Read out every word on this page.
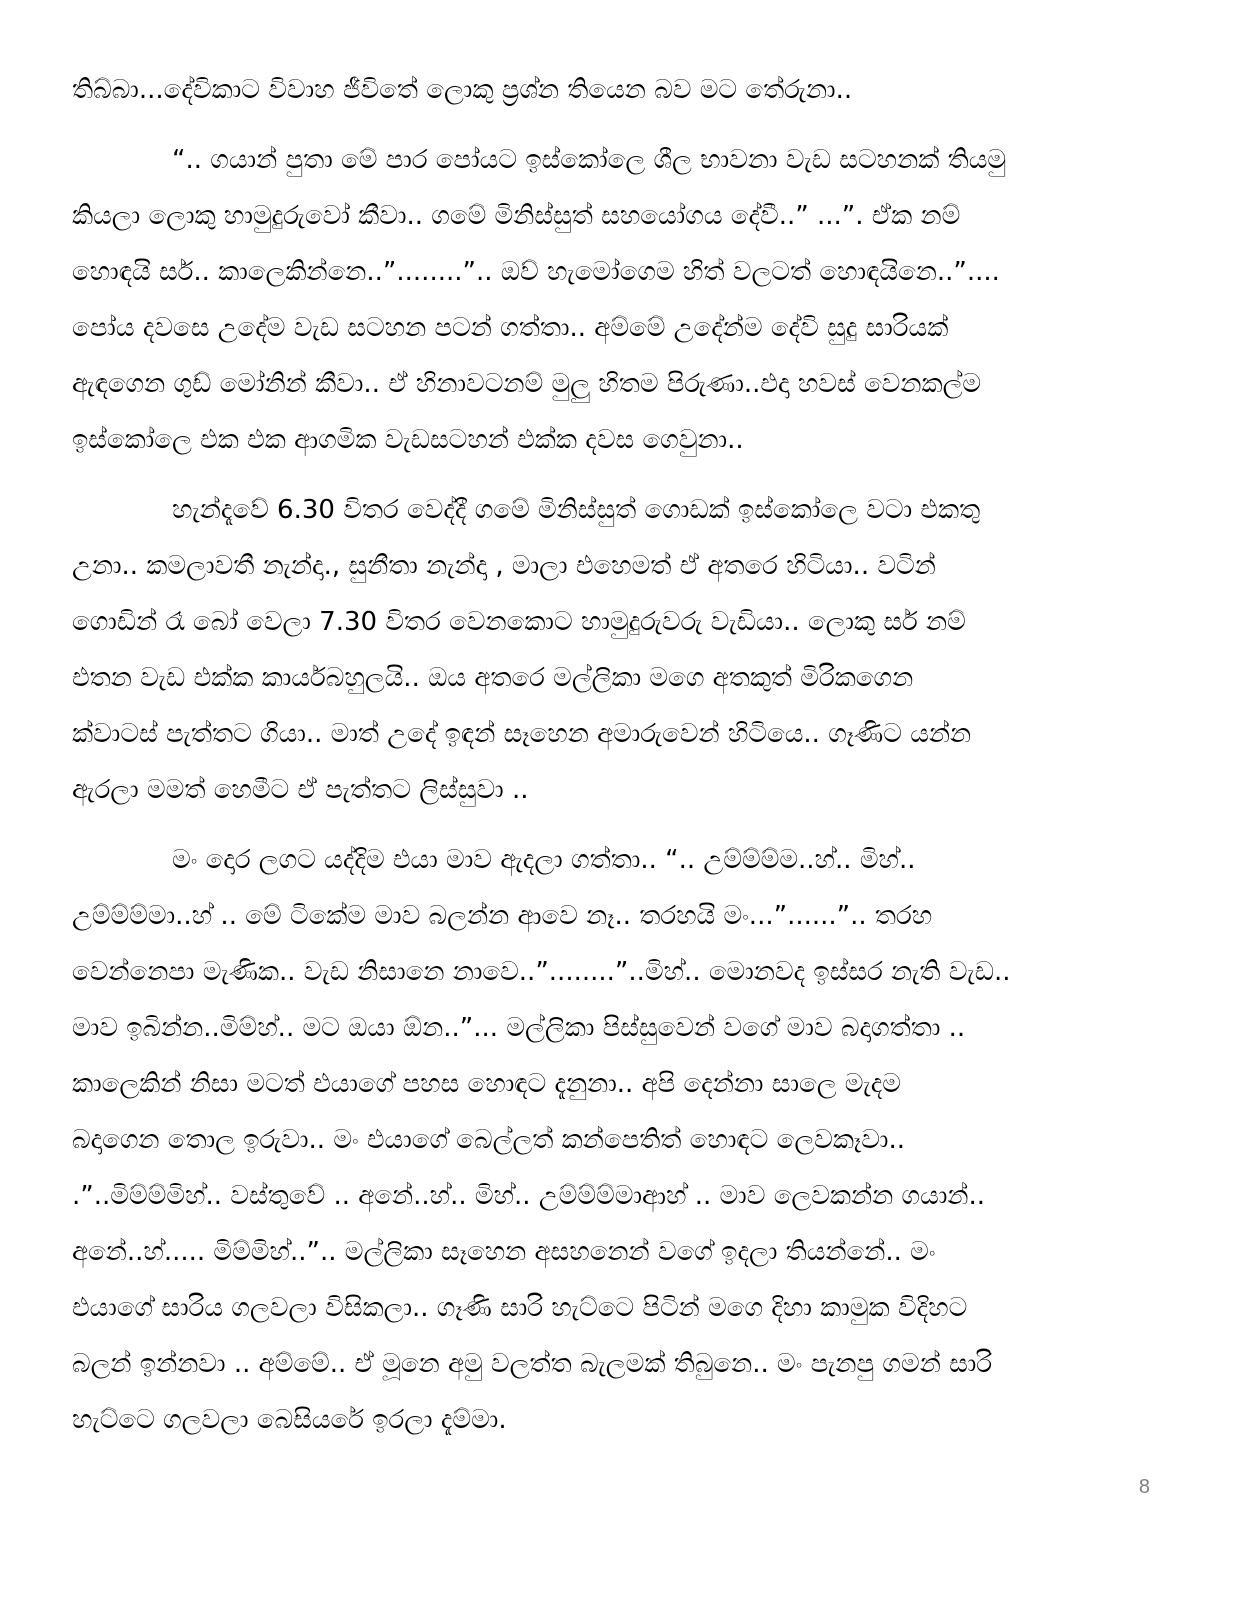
තිබ්බා...දේවිකාට විවාහ ජීවිතේ ලොකු ප්‍රශ්න තියෙන බව මට තේරුනා..
“.. ගයාන් පුතා මේ පාර පෝයට ඉස්කෝලෙ ශීල භාවනා වැඩ සටහනක් තියමු
කියලා ලොකු හාමුදුරුවෝ කීවා.. ගමේ මිනිස්සුත් සහයෝගය දේවී..” ...”. ඒක නම්
හොඳයි සර්.. කාලෙකින්නෙ..”........”.. ඔව් හැමෝගෙම හිත් වලටත් හොඳයිනෙ..”....
පෝය දවසෙ උදේම වැඩ සටහන පටන් ගත්තා.. අම්මේ උදේන්ම දේවි සුදු සාරියක්
ඇඳගෙන ගුඩ් මෝනින් කීවා.. ඒ හිනාවටනම් මුලු හිතම පිරුණා..එදා හවස් වෙනකල්ම
ඉස්කෝලෙ එක එක ආගමික වැඩසටහන් එක්ක දවස ගෙවුනා..
හැන්දෑවේ 6.30 විතර වෙද්දී ගමේ මිනිස්සුත් ගොඩක් ඉස්කෝලෙ වටා එකතු
උනා.. කමලාවතී නැන්දා., සුනීතා නැන්දා , මාලා එහෙමත් ඒ අතරෙ හිටියා.. වටින්
ගොඩින් රෑ බෝ වෙලා 7.30 විතර වෙනකොට හාමුදුරුවරු වැඩියා.. ලොකු සර් නම්
එතන වැඩ එක්ක කාර්යබහුලයි.. ඔය අතරෙ මල්ලිකා මගෙ අතකුත් මිරිකගෙන
ක්වාටස් පැත්තට ගියා.. මාත් උදේ ඉඳන් සෑහෙන අමාරුවෙන් හිටියෙ.. ගෑණිට යන්න
ඇරලා මමත් හෙමීට ඒ පැත්තට ලිස්සුවා ..
මං දොර ලගට යද්දිම එයා මාව ඇදලා ගත්තා.. “.. උම්ම්ම්ම..හ්.. මිහ්..
උම්ම්ම්මා..හ් .. මේ ටිකේම මාව බලන්න ආවෙ නෑ.. තරහයි මං...”......”.. තරහ
වෙන්නෙපා මැණික.. වැඩ නිසානෙ නාවෙ..”........”..මිහ්.. මොනවද ඉස්සර නැති වැඩ..
මාව ඉබින්න..මිම්හ්.. මට ඔයා ඕන..”... මල්ලිකා පිස්සුවෙන් වගේ මාව බදාගත්තා ..
කාලෙකින් නිසා මටත් එයාගේ පහස හොඳට දැනුනා.. අපි දෙන්නා සාලෙ මැදම
බදාගෙන තොල ඉරුවා.. මං එයාගේ බෙල්ලත් කන්පෙතිත් හොඳට ලෙවකෑවා..
.”..මිම්ම්මිහ්.. වස්තුවේ .. අනේ..හ්.. මිහ්.. උම්ම්ම්මාආහ් .. මාව ලෙවකන්න ගයාන්..
අනේ..හ්..... මිම්මිහ්..”.. මල්ලිකා සෑහෙන අසහනෙන් වගේ ඉදලා තියන්නේ.. මං
එයාගේ සාරිය ගලවලා විසිකලා.. ගෑණි සාරි හැට්ටෙ පිටින් මගෙ දිහා කාමුක විදිහට
බලන් ඉන්නවා .. අම්මේ.. ඒ මූනෙ අමු වලත්ත බැලමක් තිබුනෙ.. මං පැනපු ගමන් සාරි
හැට්ටෙ ගලවලා බෙසියරේ ඉරලා දැම්මා.
8
